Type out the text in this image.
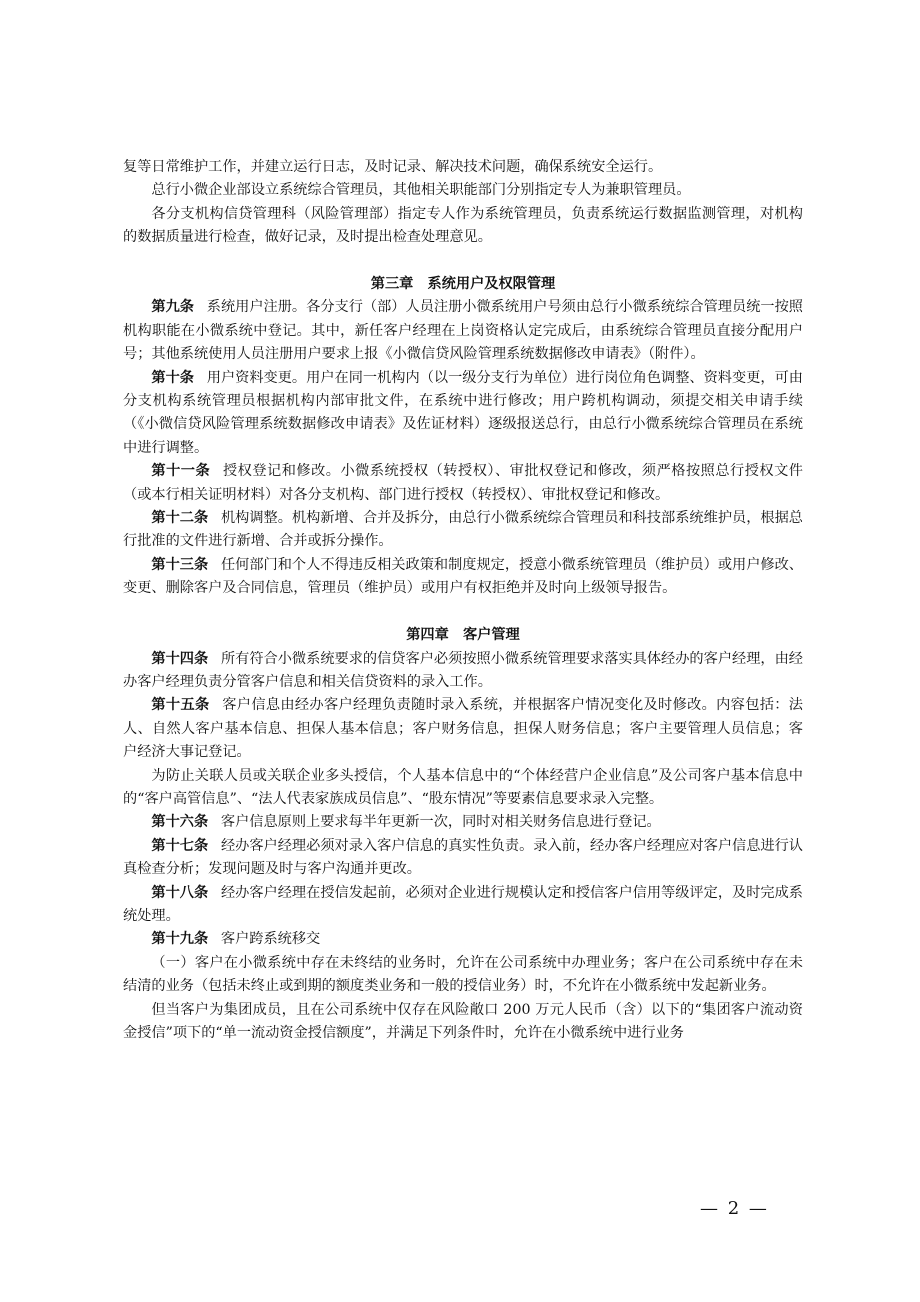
复等日常维护工作，并建立运行日志，及时记录、解决技术问题，确保系统安全运行。

总行小微企业部设立系统综合管理员，其他相关职能部门分别指定专人为兼职管理员。

各分支机构信贷管理科（风险管理部）指定专人作为系统管理员，负责系统运行数据监测管理，对机构的数据质量进行检查，做好记录，及时提出检查处理意见。

第三章　系统用户及权限管理

第九条 系统用户注册。各分支行（部）人员注册小微系统用户号须由总行小微系统综合管理员统一按照机构职能在小微系统中登记。其中，新任客户经理在上岗资格认定完成后，由系统综合管理员直接分配用户号；其他系统使用人员注册用户要求上报《小微信贷风险管理系统数据修改申请表》（附件）。

第十条 用户资料变更。用户在同一机构内（以一级分支行为单位）进行岗位角色调整、资料变更，可由分支机构系统管理员根据机构内部审批文件，在系统中进行修改；用户跨机构调动，须提交相关申请手续（《小微信贷风险管理系统数据修改申请表》及佐证材料）逐级报送总行，由总行小微系统综合管理员在系统中进行调整。

第十一条 授权登记和修改。小微系统授权（转授权）、审批权登记和修改，须严格按照总行授权文件（或本行相关证明材料）对各分支机构、部门进行授权（转授权）、审批权登记和修改。

第十二条 机构调整。机构新增、合并及拆分，由总行小微系统综合管理员和科技部系统维护员，根据总行批准的文件进行新增、合并或拆分操作。

第十三条 任何部门和个人不得违反相关政策和制度规定，授意小微系统管理员（维护员）或用户修改、变更、删除客户及合同信息，管理员（维护员）或用户有权拒绝并及时向上级领导报告。

第四章　客户管理

第十四条 所有符合小微系统要求的信贷客户必须按照小微系统管理要求落实具体经办的客户经理，由经办客户经理负责分管客户信息和相关信贷资料的录入工作。

第十五条 客户信息由经办客户经理负责随时录入系统，并根据客户情况变化及时修改。内容包括：法人、自然人客户基本信息、担保人基本信息；客户财务信息，担保人财务信息；客户主要管理人员信息；客户经济大事记登记。

为防止关联人员或关联企业多头授信，个人基本信息中的“个体经营户企业信息”及公司客户基本信息中的“客户高管信息”、“法人代表家族成员信息”、“股东情况”等要素信息要求录入完整。

第十六条 客户信息原则上要求每半年更新一次，同时对相关财务信息进行登记。

第十七条 经办客户经理必须对录入客户信息的真实性负责。录入前，经办客户经理应对客户信息进行认真检查分析；发现问题及时与客户沟通并更改。

第十八条 经办客户经理在授信发起前，必须对企业进行规模认定和授信客户信用等级评定，及时完成系统处理。

第十九条 客户跨系统移交

（一）客户在小微系统中存在未终结的业务时，允许在公司系统中办理业务；客户在公司系统中存在未结清的业务（包括未终止或到期的额度类业务和一般的授信业务）时，不允许在小微系统中发起新业务。

但当客户为集团成员，且在公司系统中仅存在风险敞口 200 万元人民币（含）以下的“集团客户流动资金授信”项下的“单一流动资金授信额度”，并满足下列条件时，允许在小微系统中进行业务

— 2 —
